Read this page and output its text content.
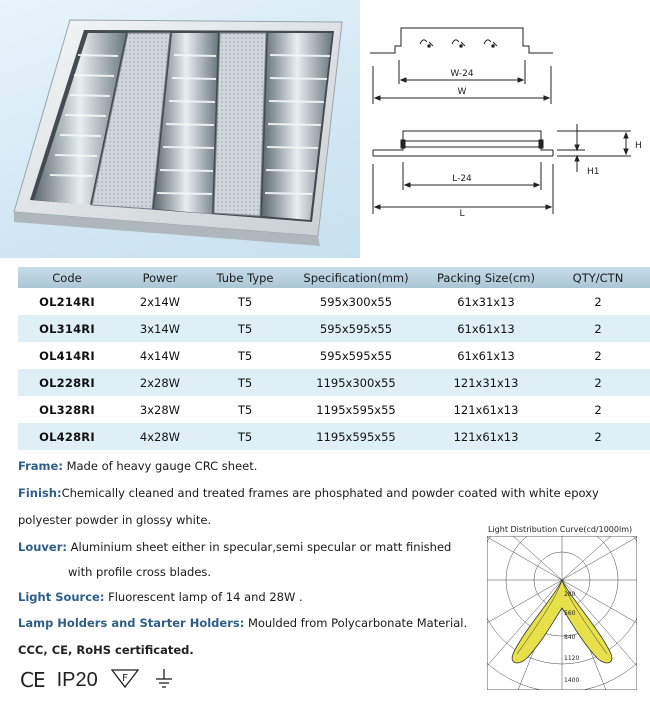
W-24
W
L-24
L
H
H1
Code	Power	Tube Type	Specification(mm)	Packing Size(cm)	QTY/CTN
OL214RI	2x14W	T5	595x300x55	61x31x13	2
OL314RI	3x14W	T5	595x595x55	61x61x13	2
OL414RI	4x14W	T5	595x595x55	61x61x13	2
OL228RI	2x28W	T5	1195x300x55	121x31x13	2
OL328RI	3x28W	T5	1195x595x55	121x61x13	2
OL428RI	4x28W	T5	1195x595x55	121x61x13	2
Frame: Made of heavy gauge CRC sheet.
Finish:Chemically cleaned and treated frames are phosphated and powder coated with white epoxy
polyester powder in glossy white.
Louver: Aluminium sheet either in specular,semi specular or matt finished
with profile cross blades.
Light Source: Fluorescent lamp of 14 and 28W .
Lamp Holders and Starter Holders: Moulded from Polycarbonate Material.
CCC, CE, RoHS certificated.
Light Distribution Curve(cd/1000lm)
280
560
840
1120
1400
CE IP20 F
